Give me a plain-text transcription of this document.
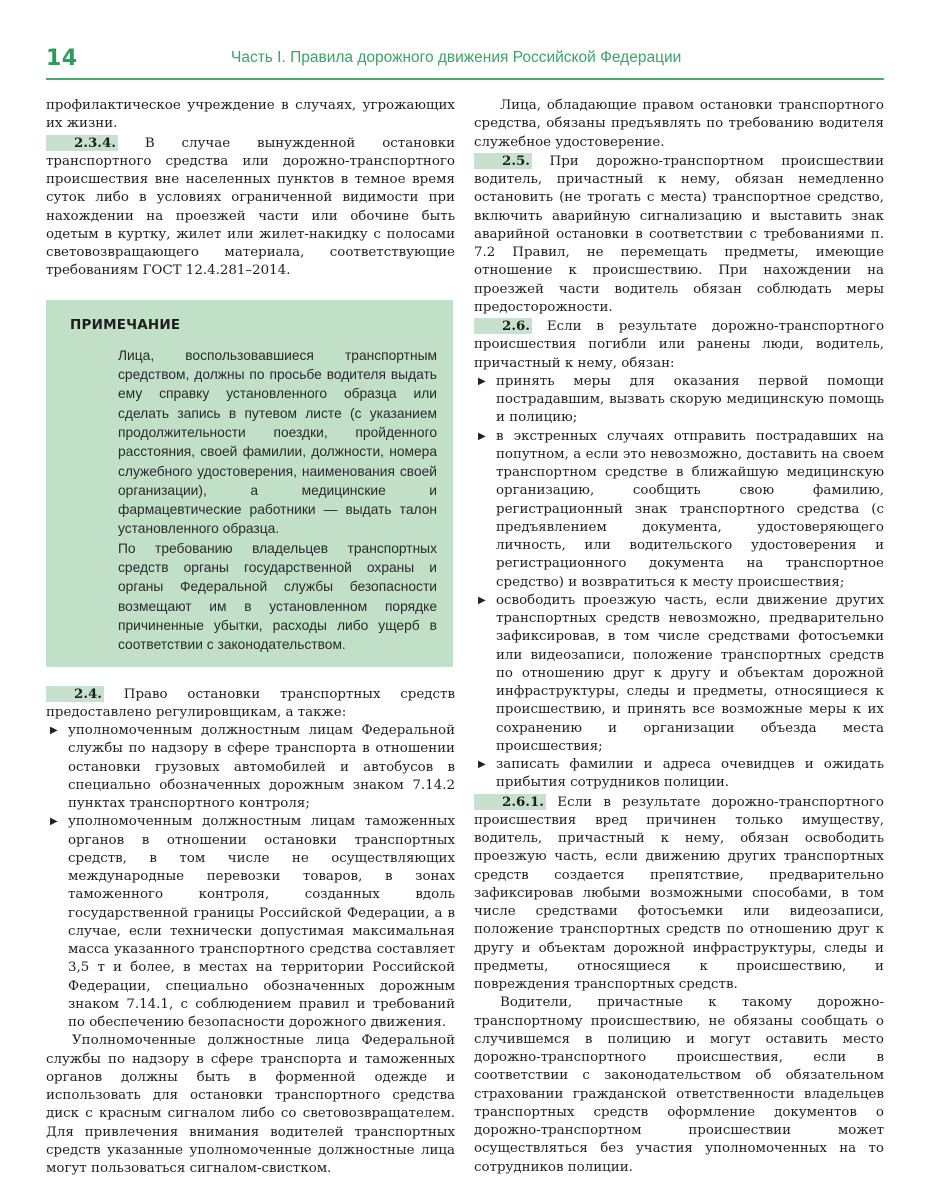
14	Часть I. Правила дорожного движения Российской Федерации

профилактическое учреждение в случаях, угрожающих их жизни.

2.3.4. В случае вынужденной остановки транспортного средства или дорожно-транспортного происшествия вне населенных пунктов в темное время суток либо в условиях ограниченной видимости при нахождении на проезжей части или обочине быть одетым в куртку, жилет или жилет-накидку с полосами световозвращающего материала, соответствующие требованиям ГОСТ 12.4.281–2014.

ПРИМЕЧАНИЕ

Лица, воспользовавшиеся транспортным средством, должны по просьбе водителя выдать ему справку установленного образца или сделать запись в путевом листе (с указанием продолжительности поездки, пройденного расстояния, своей фамилии, должности, номера служебного удостоверения, наименования своей организации), а медицинские и фармацевтические работники — выдать талон установленного образца.

По требованию владельцев транспортных средств органы государственной охраны и органы Федеральной службы безопасности возмещают им в установленном порядке причиненные убытки, расходы либо ущерб в соответствии с законодательством.

2.4. Право остановки транспортных средств предоставлено регулировщикам, а также:

▶ уполномоченным должностным лицам Федеральной службы по надзору в сфере транспорта в отношении остановки грузовых автомобилей и автобусов в специально обозначенных дорожным знаком 7.14.2 пунктах транспортного контроля;
▶ уполномоченным должностным лицам таможенных органов в отношении остановки транспортных средств, в том числе не осуществляющих международные перевозки товаров, в зонах таможенного контроля, созданных вдоль государственной границы Российской Федерации, а в случае, если технически допустимая максимальная масса указанного транспортного средства составляет 3,5 т и более, в местах на территории Российской Федерации, специально обозначенных дорожным знаком 7.14.1, с соблюдением правил и требований по обеспечению безопасности дорожного движения.

Уполномоченные должностные лица Федеральной службы по надзору в сфере транспорта и таможенных органов должны быть в форменной одежде и использовать для остановки транспортного средства диск с красным сигналом либо со световозвращателем. Для привлечения внимания водителей транспортных средств указанные уполномоченные должностные лица могут пользоваться сигналом-свистком.

Лица, обладающие правом остановки транспортного средства, обязаны предъявлять по требованию водителя служебное удостоверение.

2.5. При дорожно-транспортном происшествии водитель, причастный к нему, обязан немедленно остановить (не трогать с места) транспортное средство, включить аварийную сигнализацию и выставить знак аварийной остановки в соответствии с требованиями п. 7.2 Правил, не перемещать предметы, имеющие отношение к происшествию. При нахождении на проезжей части водитель обязан соблюдать меры предосторожности.

2.6. Если в результате дорожно-транспортного происшествия погибли или ранены люди, водитель, причастный к нему, обязан:

▶ принять меры для оказания первой помощи пострадавшим, вызвать скорую медицинскую помощь и полицию;
▶ в экстренных случаях отправить пострадавших на попутном, а если это невозможно, доставить на своем транспортном средстве в ближайшую медицинскую организацию, сообщить свою фамилию, регистрационный знак транспортного средства (с предъявлением документа, удостоверяющего личность, или водительского удостоверения и регистрационного документа на транспортное средство) и возвратиться к месту происшествия;
▶ освободить проезжую часть, если движение других транспортных средств невозможно, предварительно зафиксировав, в том числе средствами фотосъемки или видеозаписи, положение транспортных средств по отношению друг к другу и объектам дорожной инфраструктуры, следы и предметы, относящиеся к происшествию, и принять все возможные меры к их сохранению и организации объезда места происшествия;
▶ записать фамилии и адреса очевидцев и ожидать прибытия сотрудников полиции.

2.6.1. Если в результате дорожно-транспортного происшествия вред причинен только имуществу, водитель, причастный к нему, обязан освободить проезжую часть, если движению других транспортных средств создается препятствие, предварительно зафиксировав любыми возможными способами, в том числе средствами фотосъемки или видеозаписи, положение транспортных средств по отношению друг к другу и объектам дорожной инфраструктуры, следы и предметы, относящиеся к происшествию, и повреждения транспортных средств.

Водители, причастные к такому дорожно-транспортному происшествию, не обязаны сообщать о случившемся в полицию и могут оставить место дорожно-транспортного происшествия, если в соответствии с законодательством об обязательном страховании гражданской ответственности владельцев транспортных средств оформление документов о дорожно-транспортном происшествии может осуществляться без участия уполномоченных на то сотрудников полиции.
